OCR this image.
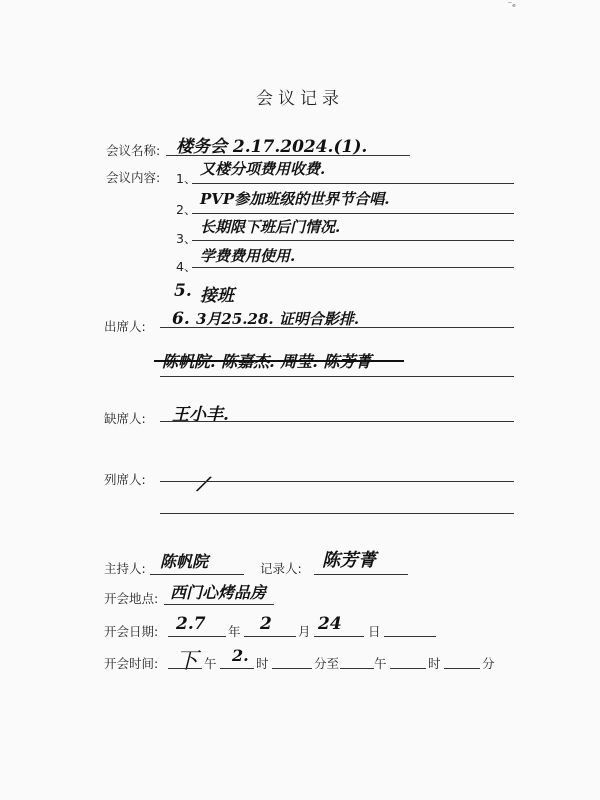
⁻ₑ
会议记录
会议名称: 楼务会 2.17.2024.(1).
会议内容: 1、
又楼分项费用收费.
2、
PVP参加班级的世界节合唱.
3、
长期限下班后门情况.
4、
学费费用使用.
5. 接班
出席人: 6. 3月25.28. 证明合影排.
陈帆院. 陈嘉杰. 周莹. 陈芳菁
缺席人: 王小丰.
列席人: /
主持人: 陈帆院	记录人: 陈芳菁
开会地点: 西门心烤品房
开会日期: 2.7 年 2 月 24 日
开会时间: 下 午 2. 时	分至	午	时	分
